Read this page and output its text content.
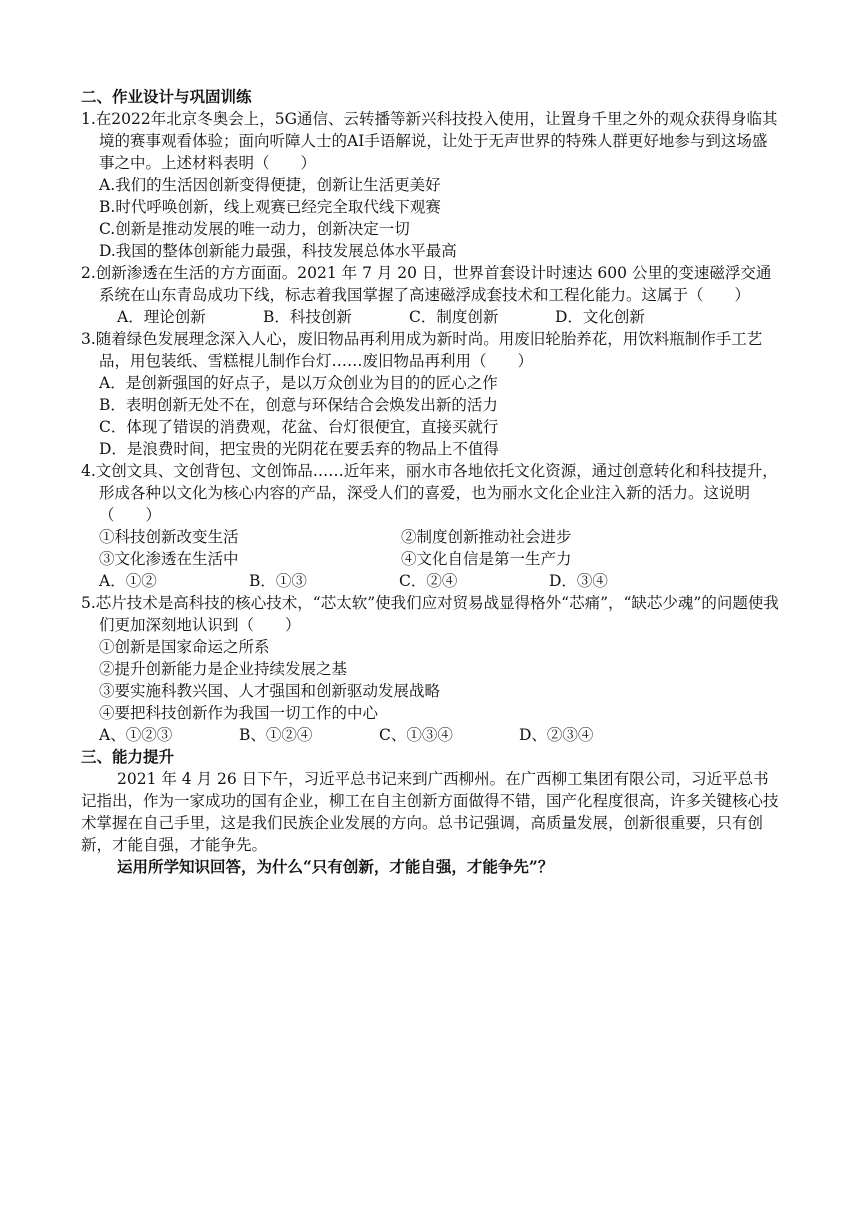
二、作业设计与巩固训练
1.在2022年北京冬奥会上，5G通信、云转播等新兴科技投入使用，让置身千里之外的观众获得身临其境的赛事观看体验；面向听障人士的AI手语解说，让处于无声世界的特殊人群更好地参与到这场盛事之中。上述材料表明（　　）
A.我们的生活因创新变得便捷，创新让生活更美好
B.时代呼唤创新，线上观赛已经完全取代线下观赛
C.创新是推动发展的唯一动力，创新决定一切
D.我国的整体创新能力最强，科技发展总体水平最高
2.创新渗透在生活的方方面面。2021 年 7 月 20 日，世界首套设计时速达 600 公里的变速磁浮交通系统在山东青岛成功下线，标志着我国掌握了高速磁浮成套技术和工程化能力。这属于（　　）
A．理论创新	B．科技创新	C．制度创新	D．文化创新
3.随着绿色发展理念深入人心，废旧物品再利用成为新时尚。用废旧轮胎养花，用饮料瓶制作手工艺品，用包装纸、雪糕棍儿制作台灯……废旧物品再利用（　　）
A．是创新强国的好点子，是以万众创业为目的的匠心之作
B．表明创新无处不在，创意与环保结合会焕发出新的活力
C．体现了错误的消费观，花盆、台灯很便宜，直接买就行
D．是浪费时间，把宝贵的光阴花在要丢弃的物品上不值得
4.文创文具、文创背包、文创饰品……近年来，丽水市各地依托文化资源，通过创意转化和科技提升，形成各种以文化为核心内容的产品，深受人们的喜爱，也为丽水文化企业注入新的活力。这说明（　　）
①科技创新改变生活	②制度创新推动社会进步
③文化渗透在生活中	④文化自信是第一生产力
A．①②	B．①③	C．②④	D．③④
5.芯片技术是高科技的核心技术，“芯太软”使我们应对贸易战显得格外“芯痛”，“缺芯少魂”的问题使我们更加深刻地认识到（　　）
①创新是国家命运之所系
②提升创新能力是企业持续发展之基
③要实施科教兴国、人才强国和创新驱动发展战略
④要把科技创新作为我国一切工作的中心
A、①②③	B、①②④	C、①③④	D、②③④
三、能力提升
2021 年 4 月 26 日下午，习近平总书记来到广西柳州。在广西柳工集团有限公司，习近平总书记指出，作为一家成功的国有企业，柳工在自主创新方面做得不错，国产化程度很高，许多关键核心技术掌握在自己手里，这是我们民族企业发展的方向。总书记强调，高质量发展，创新很重要，只有创新，才能自强，才能争先。
运用所学知识回答，为什么“只有创新，才能自强，才能争先”？
